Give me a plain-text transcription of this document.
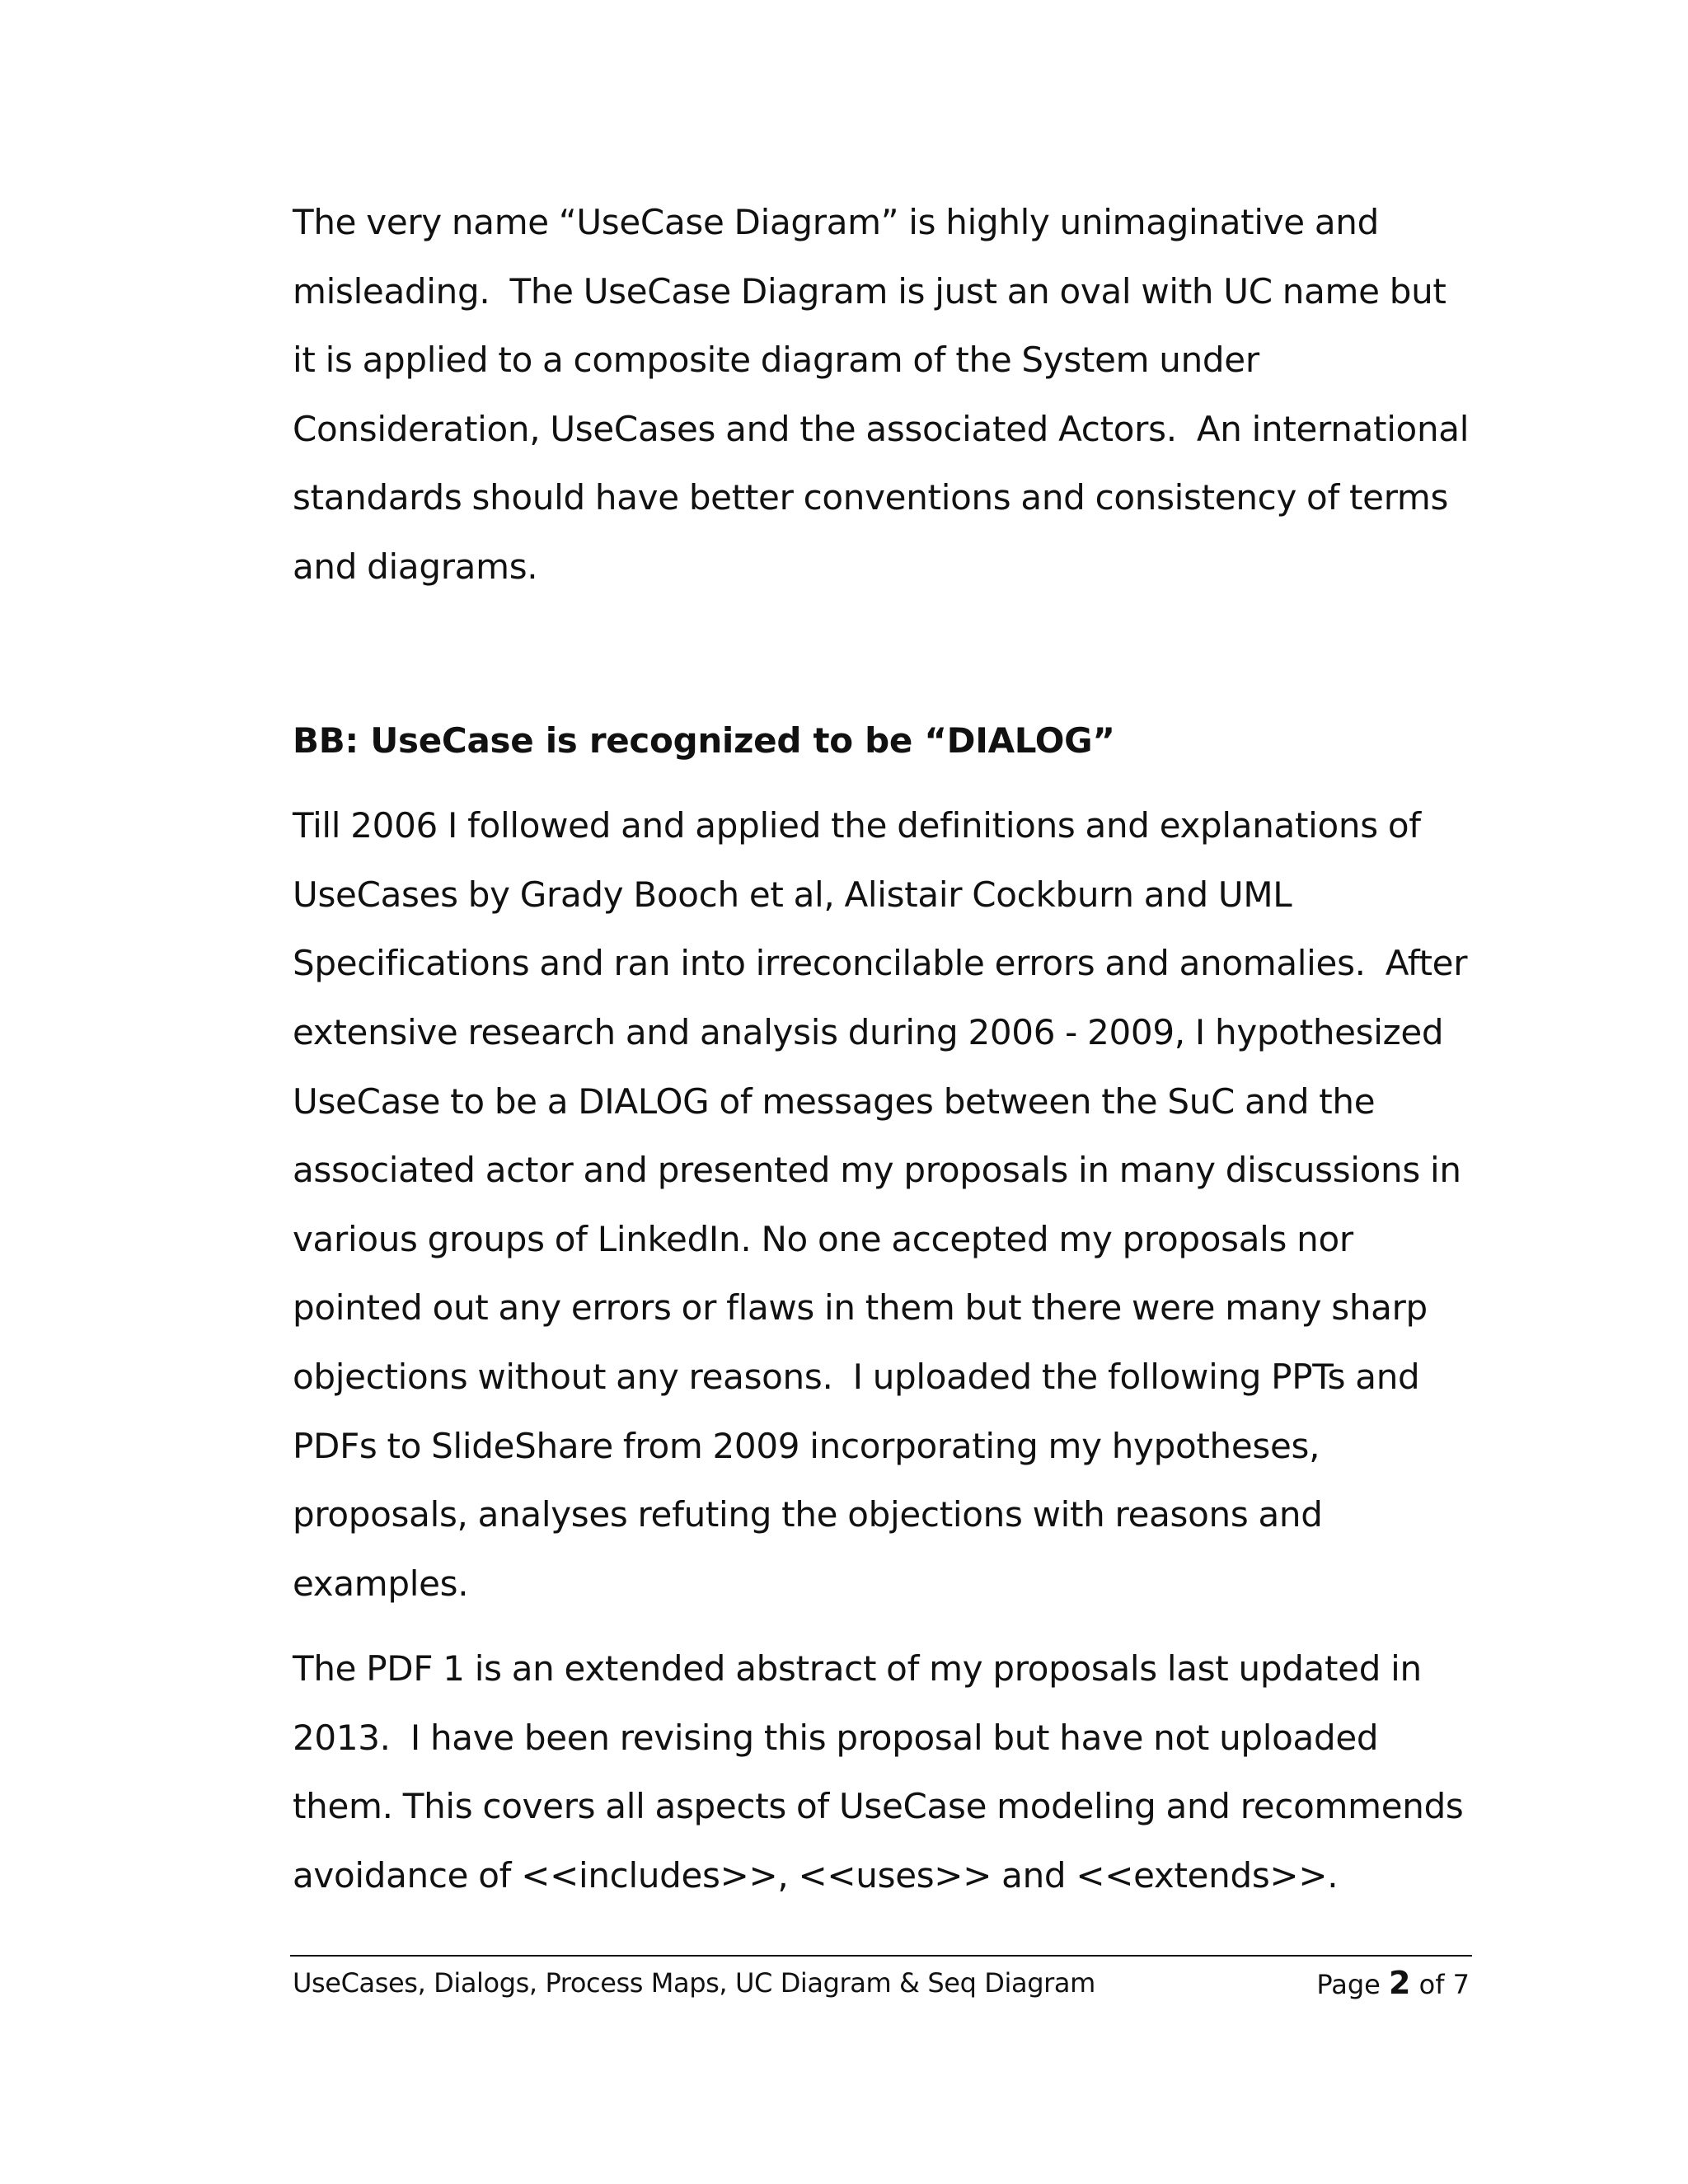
The very name “UseCase Diagram” is highly unimaginative and
misleading.  The UseCase Diagram is just an oval with UC name but
it is applied to a composite diagram of the System under
Consideration, UseCases and the associated Actors.  An international
standards should have better conventions and consistency of terms
and diagrams.

BB: UseCase is recognized to be “DIALOG”

Till 2006 I followed and applied the definitions and explanations of
UseCases by Grady Booch et al, Alistair Cockburn and UML
Specifications and ran into irreconcilable errors and anomalies.  After
extensive research and analysis during 2006 - 2009, I hypothesized
UseCase to be a DIALOG of messages between the SuC and the
associated actor and presented my proposals in many discussions in
various groups of LinkedIn. No one accepted my proposals nor
pointed out any errors or flaws in them but there were many sharp
objections without any reasons.  I uploaded the following PPTs and
PDFs to SlideShare from 2009 incorporating my hypotheses,
proposals, analyses refuting the objections with reasons and
examples.

The PDF 1 is an extended abstract of my proposals last updated in
2013.  I have been revising this proposal but have not uploaded
them. This covers all aspects of UseCase modeling and recommends
avoidance of <<includes>>, <<uses>> and <<extends>>.

UseCases, Dialogs, Process Maps, UC Diagram & Seq Diagram	Page 2 of 7
